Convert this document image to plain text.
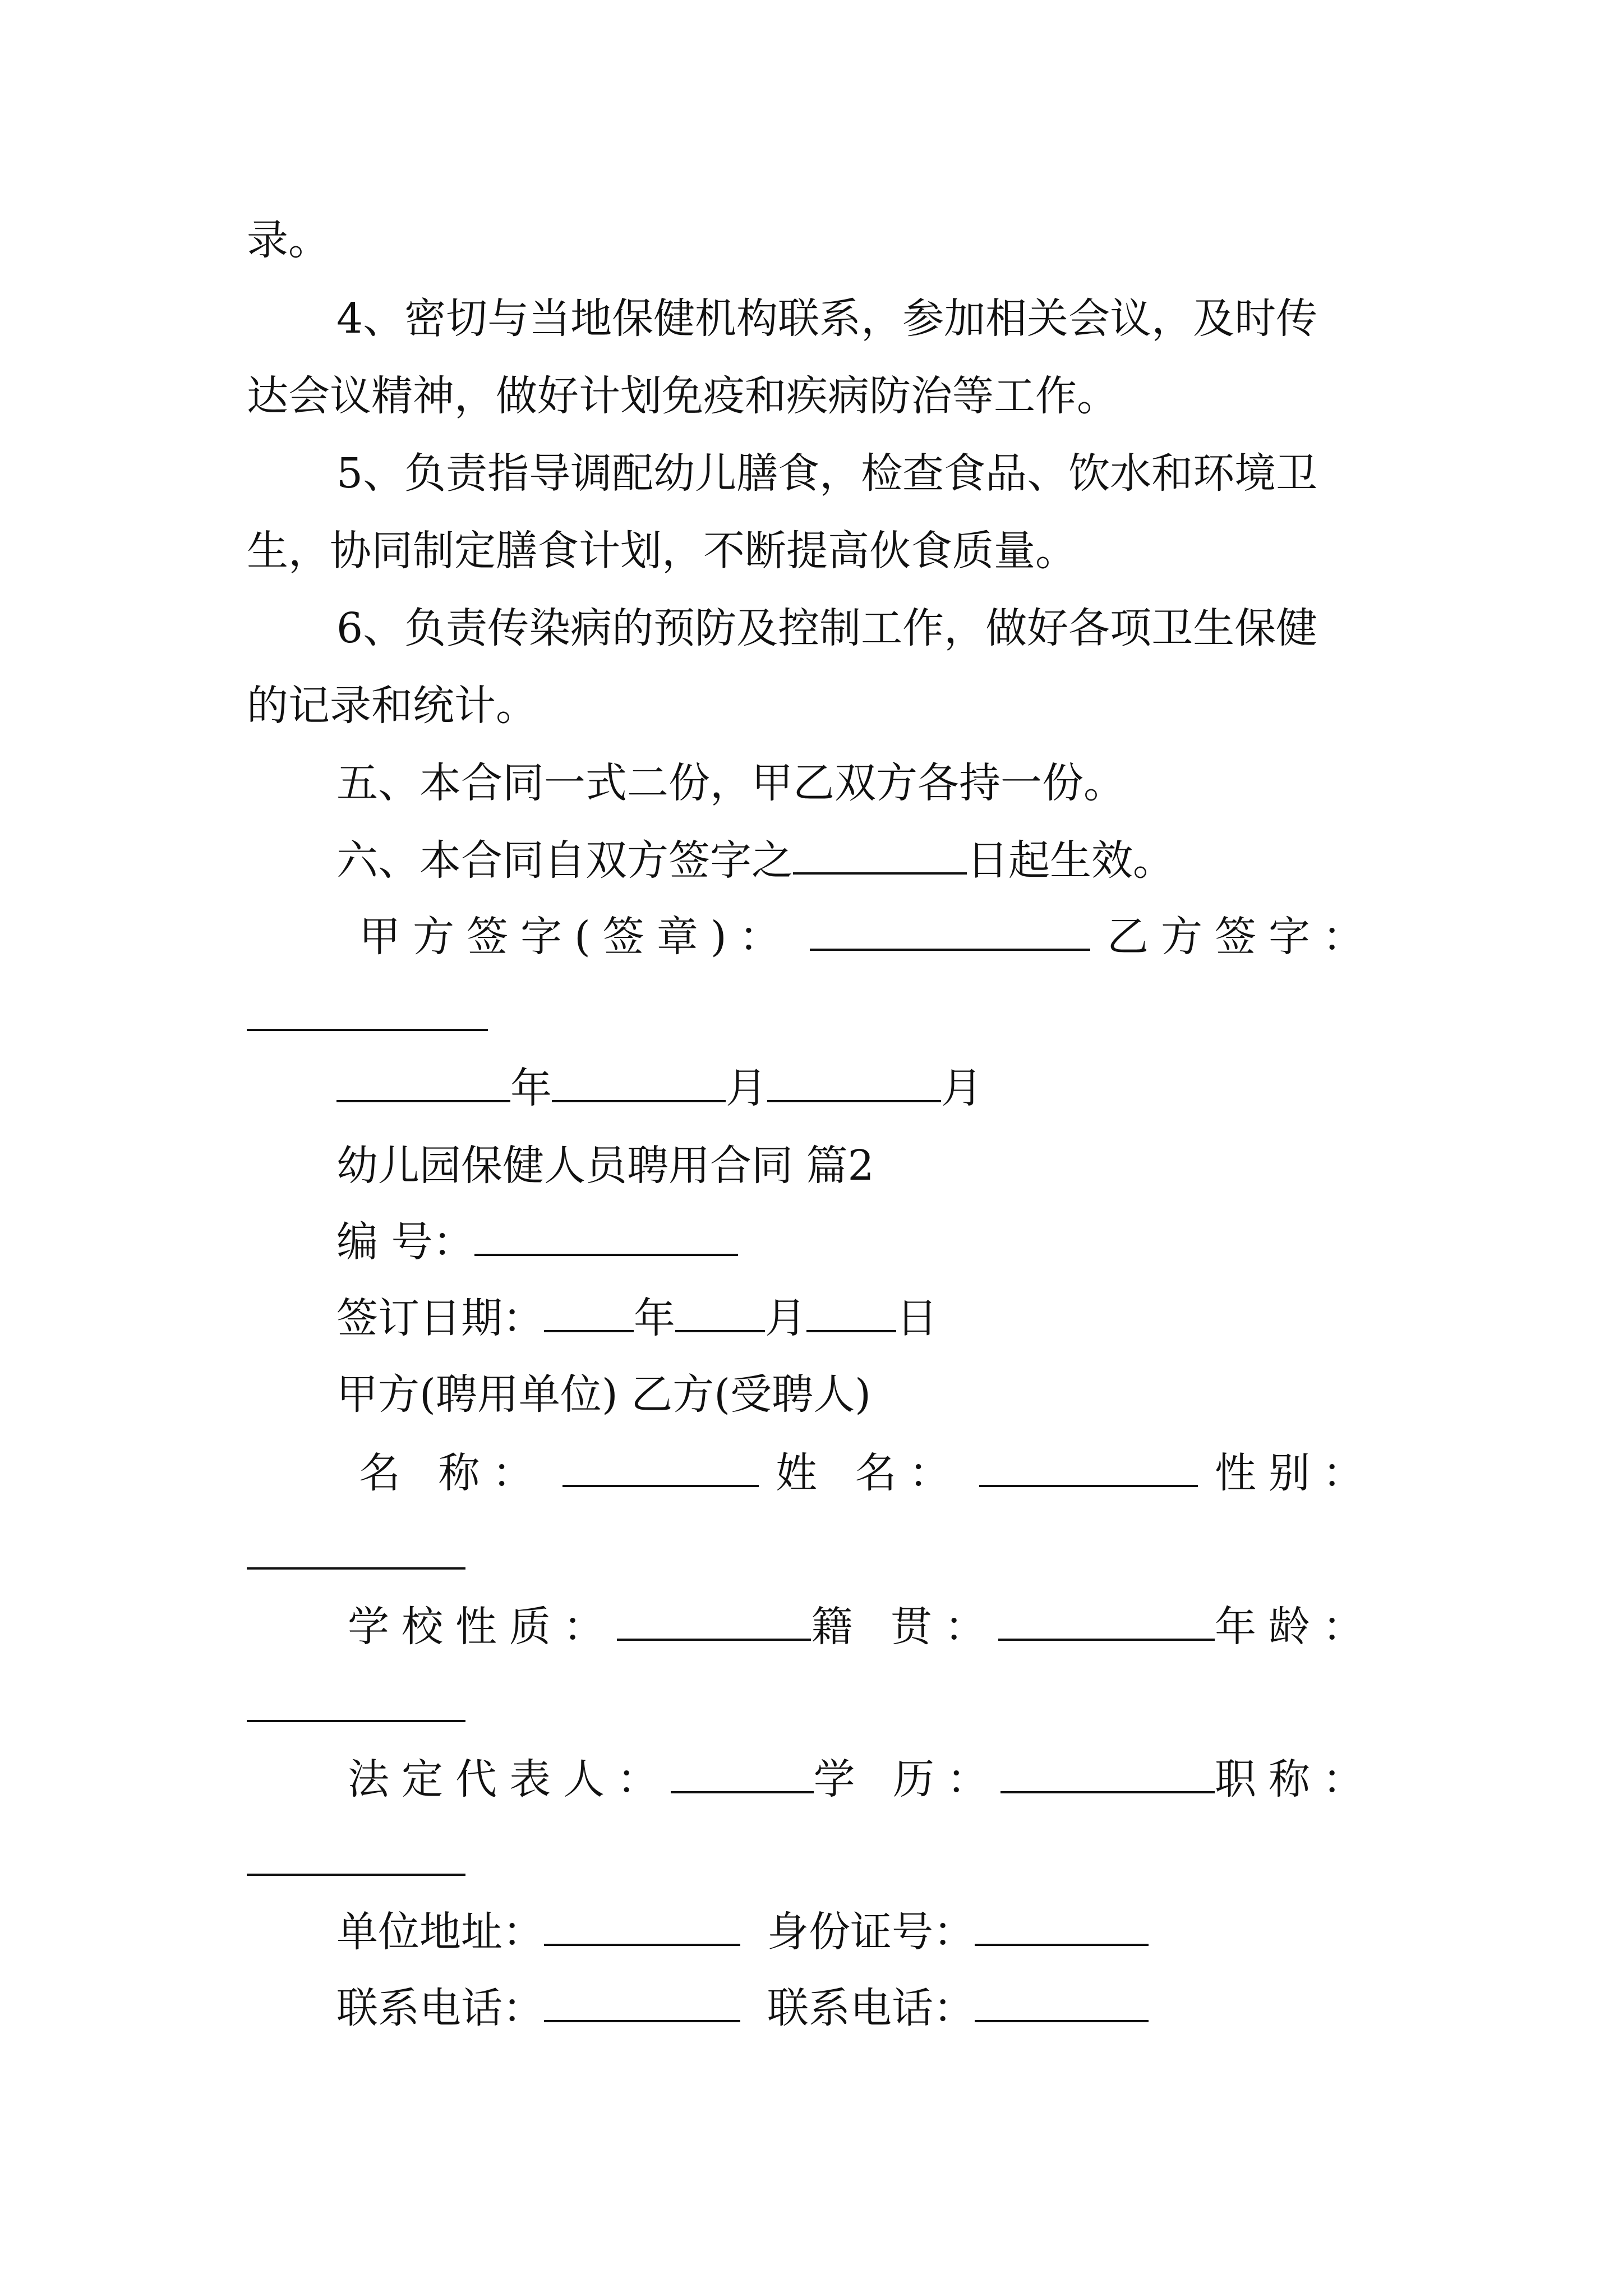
录。
4、密切与当地保健机构联系，参加相关会议，及时传
达会议精神，做好计划免疫和疾病防治等工作。
5、负责指导调配幼儿膳食，检查食品、饮水和环境卫
生，协同制定膳食计划，不断提高伙食质量。
6、负责传染病的预防及控制工作，做好各项卫生保健
的记录和统计。
五、本合同一式二份，甲乙双方各持一份。
六、本合同自双方签字之	日起生效。
甲方签字(签章)：	乙方签字：
年	月	月
幼儿园保健人员聘用合同 篇2
编 号：
签订日期： 年 月 日
甲方(聘用单位) 乙方(受聘人)
名 称：	姓 名：	性别：
学校性质：	籍 贯：	年龄：
法定代表人：	学 历：	职称：
单位地址：	身份证号：
联系电话：	联系电话：
